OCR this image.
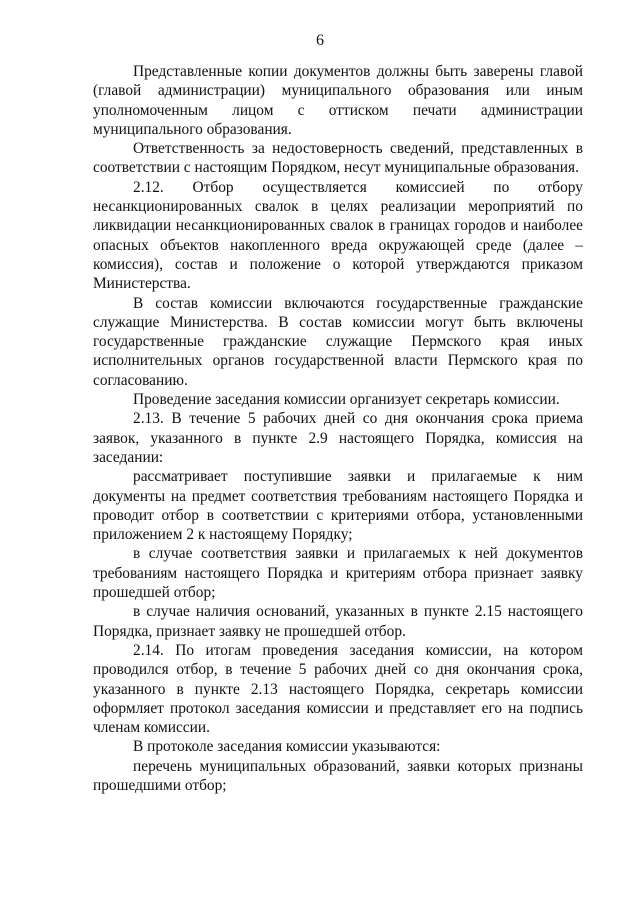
6

Представленные копии документов должны быть заверены главой (главой администрации) муниципального образования или иным уполномоченным лицом с оттиском печати администрации муниципального образования.

Ответственность за недостоверность сведений, представленных в соответствии с настоящим Порядком, несут муниципальные образования.

2.12. Отбор осуществляется комиссией по отбору несанкционированных свалок в целях реализации мероприятий по ликвидации несанкционированных свалок в границах городов и наиболее опасных объектов накопленного вреда окружающей среде (далее – комиссия), состав и положение о которой утверждаются приказом Министерства.

В состав комиссии включаются государственные гражданские служащие Министерства. В состав комиссии могут быть включены государственные гражданские служащие Пермского края иных исполнительных органов государственной власти Пермского края по согласованию.

Проведение заседания комиссии организует секретарь комиссии.

2.13. В течение 5 рабочих дней со дня окончания срока приема заявок, указанного в пункте 2.9 настоящего Порядка, комиссия на заседании:

рассматривает поступившие заявки и прилагаемые к ним документы на предмет соответствия требованиям настоящего Порядка и проводит отбор в соответствии с критериями отбора, установленными приложением 2 к настоящему Порядку;

в случае соответствия заявки и прилагаемых к ней документов требованиям настоящего Порядка и критериям отбора признает заявку прошедшей отбор;

в случае наличия оснований, указанных в пункте 2.15 настоящего Порядка, признает заявку не прошедшей отбор.

2.14. По итогам проведения заседания комиссии, на котором проводился отбор, в течение 5 рабочих дней со дня окончания срока, указанного в пункте 2.13 настоящего Порядка, секретарь комиссии оформляет протокол заседания комиссии и представляет его на подпись членам комиссии.

В протоколе заседания комиссии указываются:

перечень муниципальных образований, заявки которых признаны прошедшими отбор;
